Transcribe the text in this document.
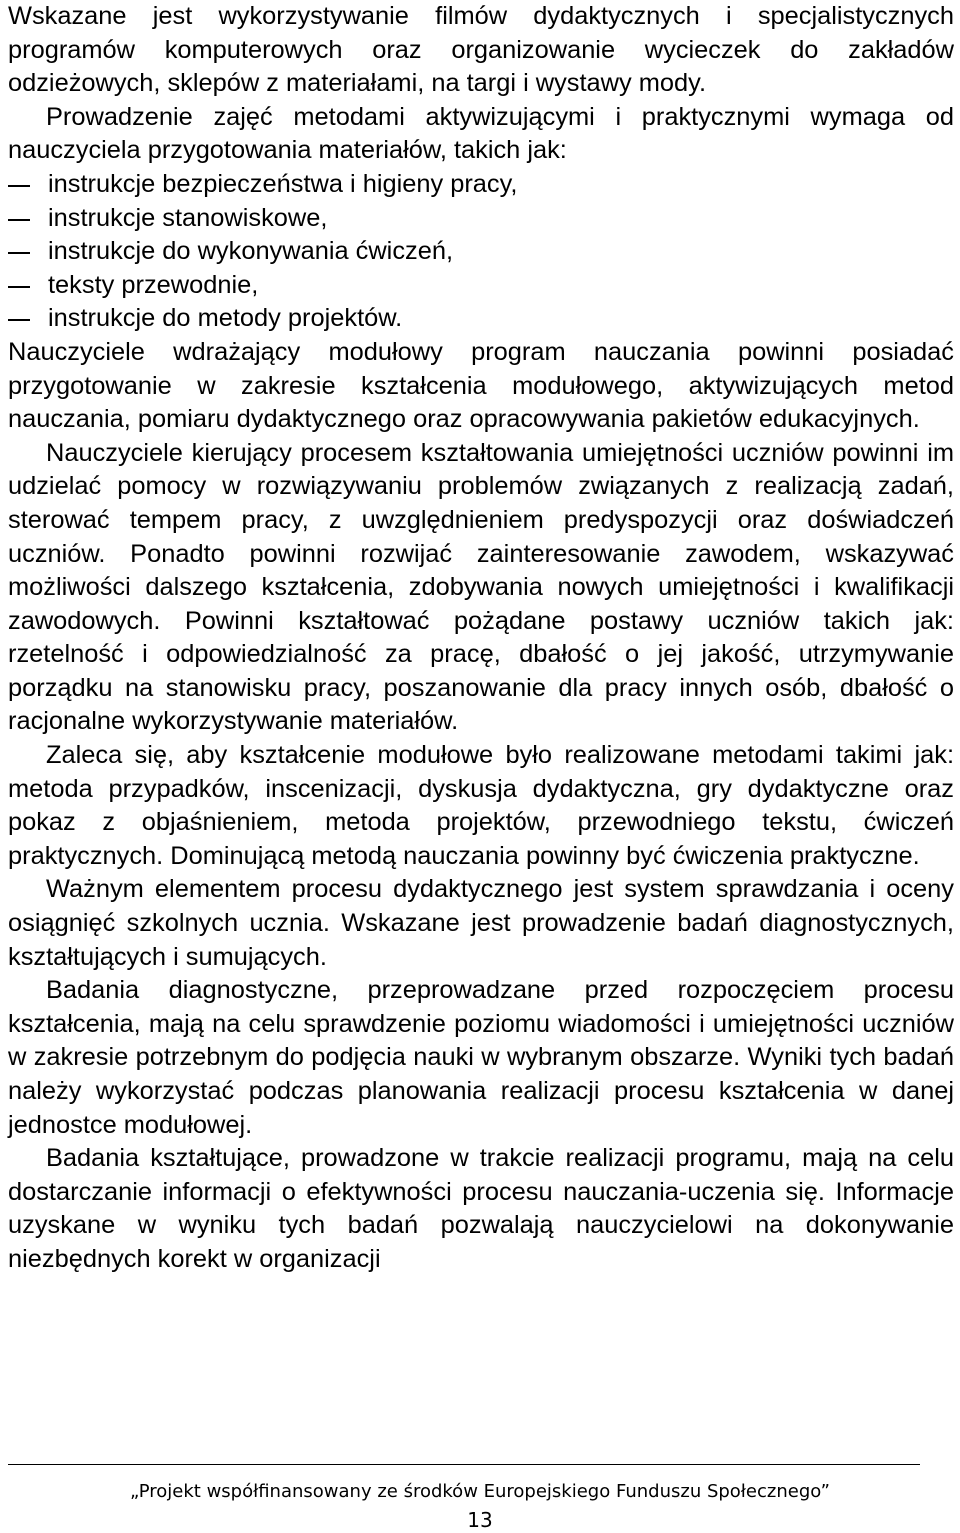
Wskazane jest wykorzystywanie filmów dydaktycznych i specjalistycznych programów komputerowych oraz organizowanie wycieczek do zakładów odzieżowych, sklepów z materiałami, na targi i wystawy mody.

Prowadzenie zajęć metodami aktywizującymi i praktycznymi wymaga od nauczyciela przygotowania materiałów, takich jak:

instrukcje bezpieczeństwa i higieny pracy,
instrukcje stanowiskowe,
instrukcje do wykonywania ćwiczeń,
teksty przewodnie,
instrukcje do metody projektów.

Nauczyciele wdrażający modułowy program nauczania powinni posiadać przygotowanie w zakresie kształcenia modułowego, aktywizujących metod nauczania, pomiaru dydaktycznego oraz opracowywania pakietów edukacyjnych.

Nauczyciele kierujący procesem kształtowania umiejętności uczniów powinni im udzielać pomocy w rozwiązywaniu problemów związanych z realizacją zadań, sterować tempem pracy, z uwzględnieniem predyspozycji oraz doświadczeń uczniów. Ponadto powinni rozwijać zainteresowanie zawodem, wskazywać możliwości dalszego kształcenia, zdobywania nowych umiejętności i kwalifikacji zawodowych. Powinni kształtować pożądane postawy uczniów takich jak: rzetelność i odpowiedzialność za pracę, dbałość o jej jakość, utrzymywanie porządku na stanowisku pracy, poszanowanie dla pracy innych osób, dbałość o racjonalne wykorzystywanie materiałów.

Zaleca się, aby kształcenie modułowe było realizowane metodami takimi jak: metoda przypadków, inscenizacji, dyskusja dydaktyczna, gry dydaktyczne oraz pokaz z objaśnieniem, metoda projektów, przewodniego tekstu, ćwiczeń praktycznych. Dominującą metodą nauczania powinny być ćwiczenia praktyczne.

Ważnym elementem procesu dydaktycznego jest system sprawdzania i oceny osiągnięć szkolnych ucznia. Wskazane jest prowadzenie badań diagnostycznych, kształtujących i sumujących.

Badania diagnostyczne, przeprowadzane przed rozpoczęciem procesu kształcenia, mają na celu sprawdzenie poziomu wiadomości i umiejętności uczniów w zakresie potrzebnym do podjęcia nauki w wybranym obszarze. Wyniki tych badań należy wykorzystać podczas planowania realizacji procesu kształcenia w danej jednostce modułowej.

Badania kształtujące, prowadzone w trakcie realizacji programu, mają na celu dostarczanie informacji o efektywności procesu nauczania-uczenia się. Informacje uzyskane w wyniku tych badań pozwalają nauczycielowi na dokonywanie niezbędnych korekt w organizacji

„Projekt współfinansowany ze środków Europejskiego Funduszu Społecznego”
13
